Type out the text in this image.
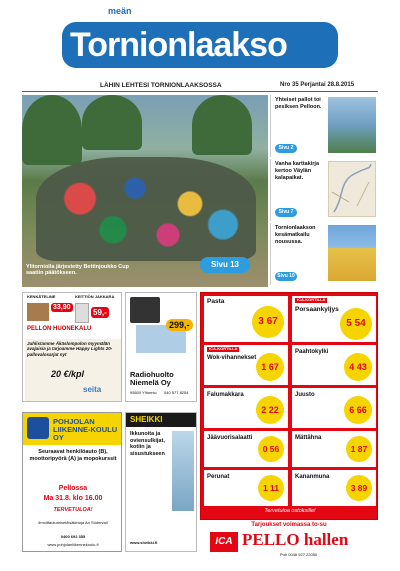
meän
Tornionlaakso
LÄHIN LEHTESI TORNIONLAAKSOSSA	Nro 35 Perjantai 28.8.2015
Ylitorniolla järjestetty Bettinjoukko Cup saatiin päätökseen.
Sivu 13
Yhteiset pallot toi pesiksen Pelloon.
Sivu 2
Vanha karttakirja kertoo Väylän kalapaikat.
Sivu 7
Tornionlaakson kesämatkailu nousussa.
Sivu 10
KENKÄTELINE	KEITTIÖN JAKKARA
33,90
59,-
PELLON HUONEKALU
Juhlistamme Äkäslompolon myymälän avajaisia ja tarjoamme Happy Lights 20-pallovalosarjat nyt
20 €/kpl
seita
299,-
Radiohuolto Niemelä Oy
95600 Ylitornio 040 577 8254
POHJOLAN LIIKENNE-KOULU OY
Seuraavat henkilöauto (B), moottoripyörä (A) ja mopokurssit
Pellossa
Ma 31.8. klo 16.00
TERVETULOA!
Ilmoittautumiset/lisätietoja Ari Södervall
0400 692 355
www.pohjolanliikennekoulu.fi
SHEIKKI
Ikkunoita ja oviensulkijat, kotiin ja sisustukseen
www.sheikki.fi
Pasta
3 67
ICA-KORTILLA
Porsaankyljys
5 54
ICA-KORTILLA
Wok-vihannekset
1 67
Paahtokylki
4 43
Falumakkara
2 22
Juusto
6 66
Jäävuorisalaatti
0 56
Mättähna
1 87
Perunat
1 11
Kananmuna
3 89
Tervetuloa ostoksille!
Tarjoukset voimassa to-su
ICA PELLO hallen
Puh 0046 927 22050
